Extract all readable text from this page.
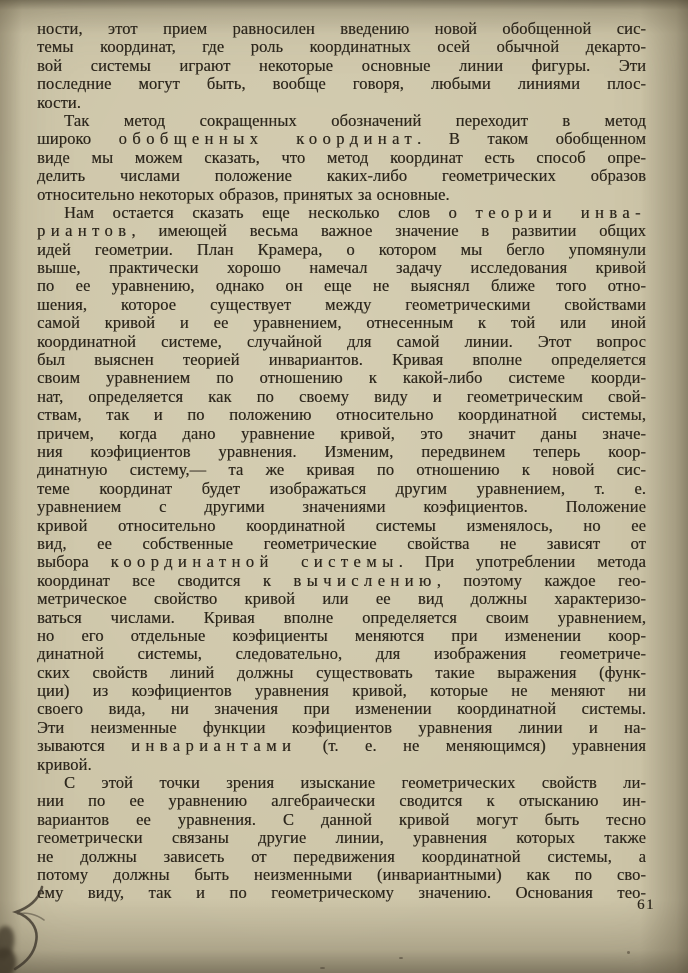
ности, этот прием равносилен введению новой обобщенной сис-
темы координат, где роль координатных осей обычной декарто-
вой системы играют некоторые основные линии фигуры. Эти
последние могут быть, вообще говоря, любыми линиями плос-
кости.
Так метод сокращенных обозначений переходит в метод
широко обобщенных координат. В таком обобщенном
виде мы можем сказать, что метод координат есть способ опре-
делить числами положение каких-либо геометрических образов
относительно некоторых образов, принятых за основные.
Нам остается сказать еще несколько слов о теории инва-
риантов, имеющей весьма важное значение в развитии общих
идей геометрии. План Крамера, о котором мы бегло упомянули
выше, практически хорошо намечал задачу исследования кривой
по ее уравнению, однако он еще не выяснял ближе того отно-
шения, которое существует между геометрическими свойствами
самой кривой и ее уравнением, отнесенным к той или иной
координатной системе, случайной для самой линии. Этот вопрос
был выяснен теорией инвариантов. Кривая вполне определяется
своим уравнением по отношению к какой-либо системе коорди-
нат, определяется как по своему виду и геометрическим свой-
ствам, так и по положению относительно координатной системы,
причем, когда дано уравнение кривой, это значит даны значе-
ния коэфициентов уравнения. Изменим, передвинем теперь коор-
динатную систему,— та же кривая по отношению к новой сис-
теме координат будет изображаться другим уравнением, т. е.
уравнением с другими значениями коэфициентов. Положение
кривой относительно координатной системы изменялось, но ее
вид, ее собственные геометрические свойства не зависят от
выбора координатной системы. При употреблении метода
координат все сводится к вычислению, поэтому каждое гео-
метрическое свойство кривой или ее вид должны характеризо-
ваться числами. Кривая вполне определяется своим уравнением,
но его отдельные коэфициенты меняются при изменении коор-
динатной системы, следовательно, для изображения геометриче-
ских свойств линий должны существовать такие выражения (функ-
ции) из коэфициентов уравнения кривой, которые не меняют ни
своего вида, ни значения при изменении координатной системы.
Эти неизменные функции коэфициентов уравнения линии и на-
зываются инвариантами (т. е. не меняющимся) уравнения
кривой.
С этой точки зрения изыскание геометрических свойств ли-
нии по ее уравнению алгебраически сводится к отысканию ин-
вариантов ее уравнения. С данной кривой могут быть тесно
геометрически связаны другие линии, уравнения которых также
не должны зависеть от передвижения координатной системы, а
потому должны быть неизменными (инвариантными) как по сво-
ему виду, так и по геометрическому значению. Основания тео-
61
